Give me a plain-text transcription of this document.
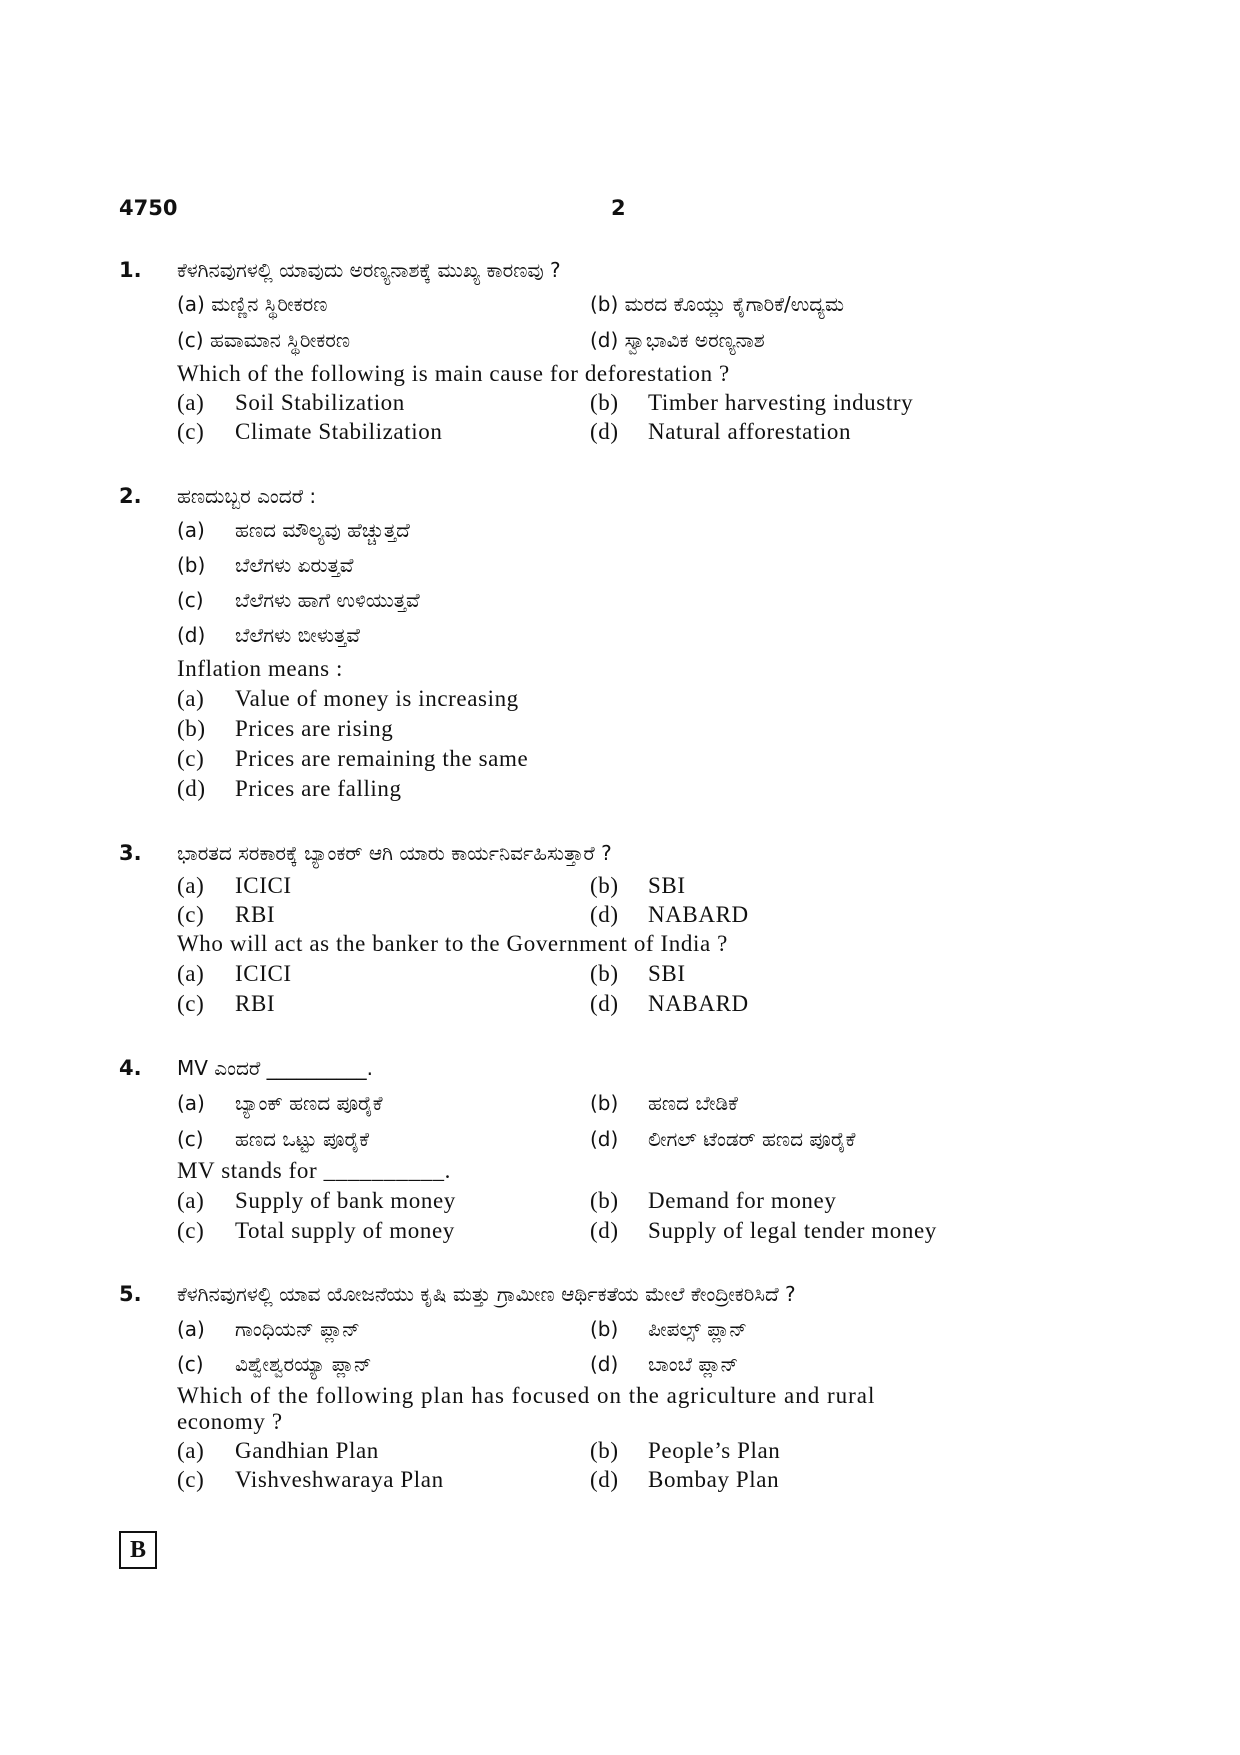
4750	2
1. ಕೆಳಗಿನವುಗಳಲ್ಲಿ ಯಾವುದು ಅರಣ್ಯನಾಶಕ್ಕೆ ಮುಖ್ಯ ಕಾರಣವು ?
(a) ಮಣ್ಣಿನ ಸ್ಥಿರೀಕರಣ	(b) ಮರದ ಕೊಯ್ಲು ಕೈಗಾರಿಕೆ/ಉದ್ಯಮ
(c) ಹವಾಮಾನ ಸ್ಥಿರೀಕರಣ	(d) ಸ್ವಾಭಾವಿಕ ಅರಣ್ಯನಾಶ
Which of the following is main cause for deforestation ?
(a) Soil Stabilization	(b) Timber harvesting industry
(c) Climate Stabilization	(d) Natural afforestation
2. ಹಣದುಬ್ಬರ ಎಂದರೆ :
(a) ಹಣದ ಮೌಲ್ಯವು ಹೆಚ್ಚುತ್ತದೆ
(b) ಬೆಲೆಗಳು ಏರುತ್ತವೆ
(c) ಬೆಲೆಗಳು ಹಾಗೆ ಉಳಿಯುತ್ತವೆ
(d) ಬೆಲೆಗಳು ಬೀಳುತ್ತವೆ
Inflation means :
(a) Value of money is increasing
(b) Prices are rising
(c) Prices are remaining the same
(d) Prices are falling
3. ಭಾರತದ ಸರಕಾರಕ್ಕೆ ಬ್ಯಾಂಕರ್ ಆಗಿ ಯಾರು ಕಾರ್ಯನಿರ್ವಹಿಸುತ್ತಾರೆ ?
(a) ICICI	(b) SBI
(c) RBI	(d) NABARD
Who will act as the banker to the Government of India ?
(a) ICICI	(b) SBI
(c) RBI	(d) NABARD
4. MV ಎಂದರೆ __________.
(a) ಬ್ಯಾಂಕ್ ಹಣದ ಪೂರೈಕೆ	(b) ಹಣದ ಬೇಡಿಕೆ
(c) ಹಣದ ಒಟ್ಟು ಪೂರೈಕೆ	(d) ಲೀಗಲ್ ಟೆಂಡರ್ ಹಣದ ಪೂರೈಕೆ
MV stands for __________.
(a) Supply of bank money	(b) Demand for money
(c) Total supply of money	(d) Supply of legal tender money
5. ಕೆಳಗಿನವುಗಳಲ್ಲಿ ಯಾವ ಯೋಜನೆಯು ಕೃಷಿ ಮತ್ತು ಗ್ರಾಮೀಣ ಆರ್ಥಿಕತೆಯ ಮೇಲೆ ಕೇಂದ್ರೀಕರಿಸಿದೆ ?
(a) ಗಾಂಧಿಯನ್ ಪ್ಲಾನ್	(b) ಪೀಪಲ್ಸ್ ಪ್ಲಾನ್
(c) ವಿಶ್ವೇಶ್ವರಯ್ಯಾ ಪ್ಲಾನ್	(d) ಬಾಂಬೆ ಪ್ಲಾನ್
Which of the following plan has focused on the agriculture and rural
economy ?
(a) Gandhian Plan	(b) People’s Plan
(c) Vishveshwaraya Plan	(d) Bombay Plan
B
